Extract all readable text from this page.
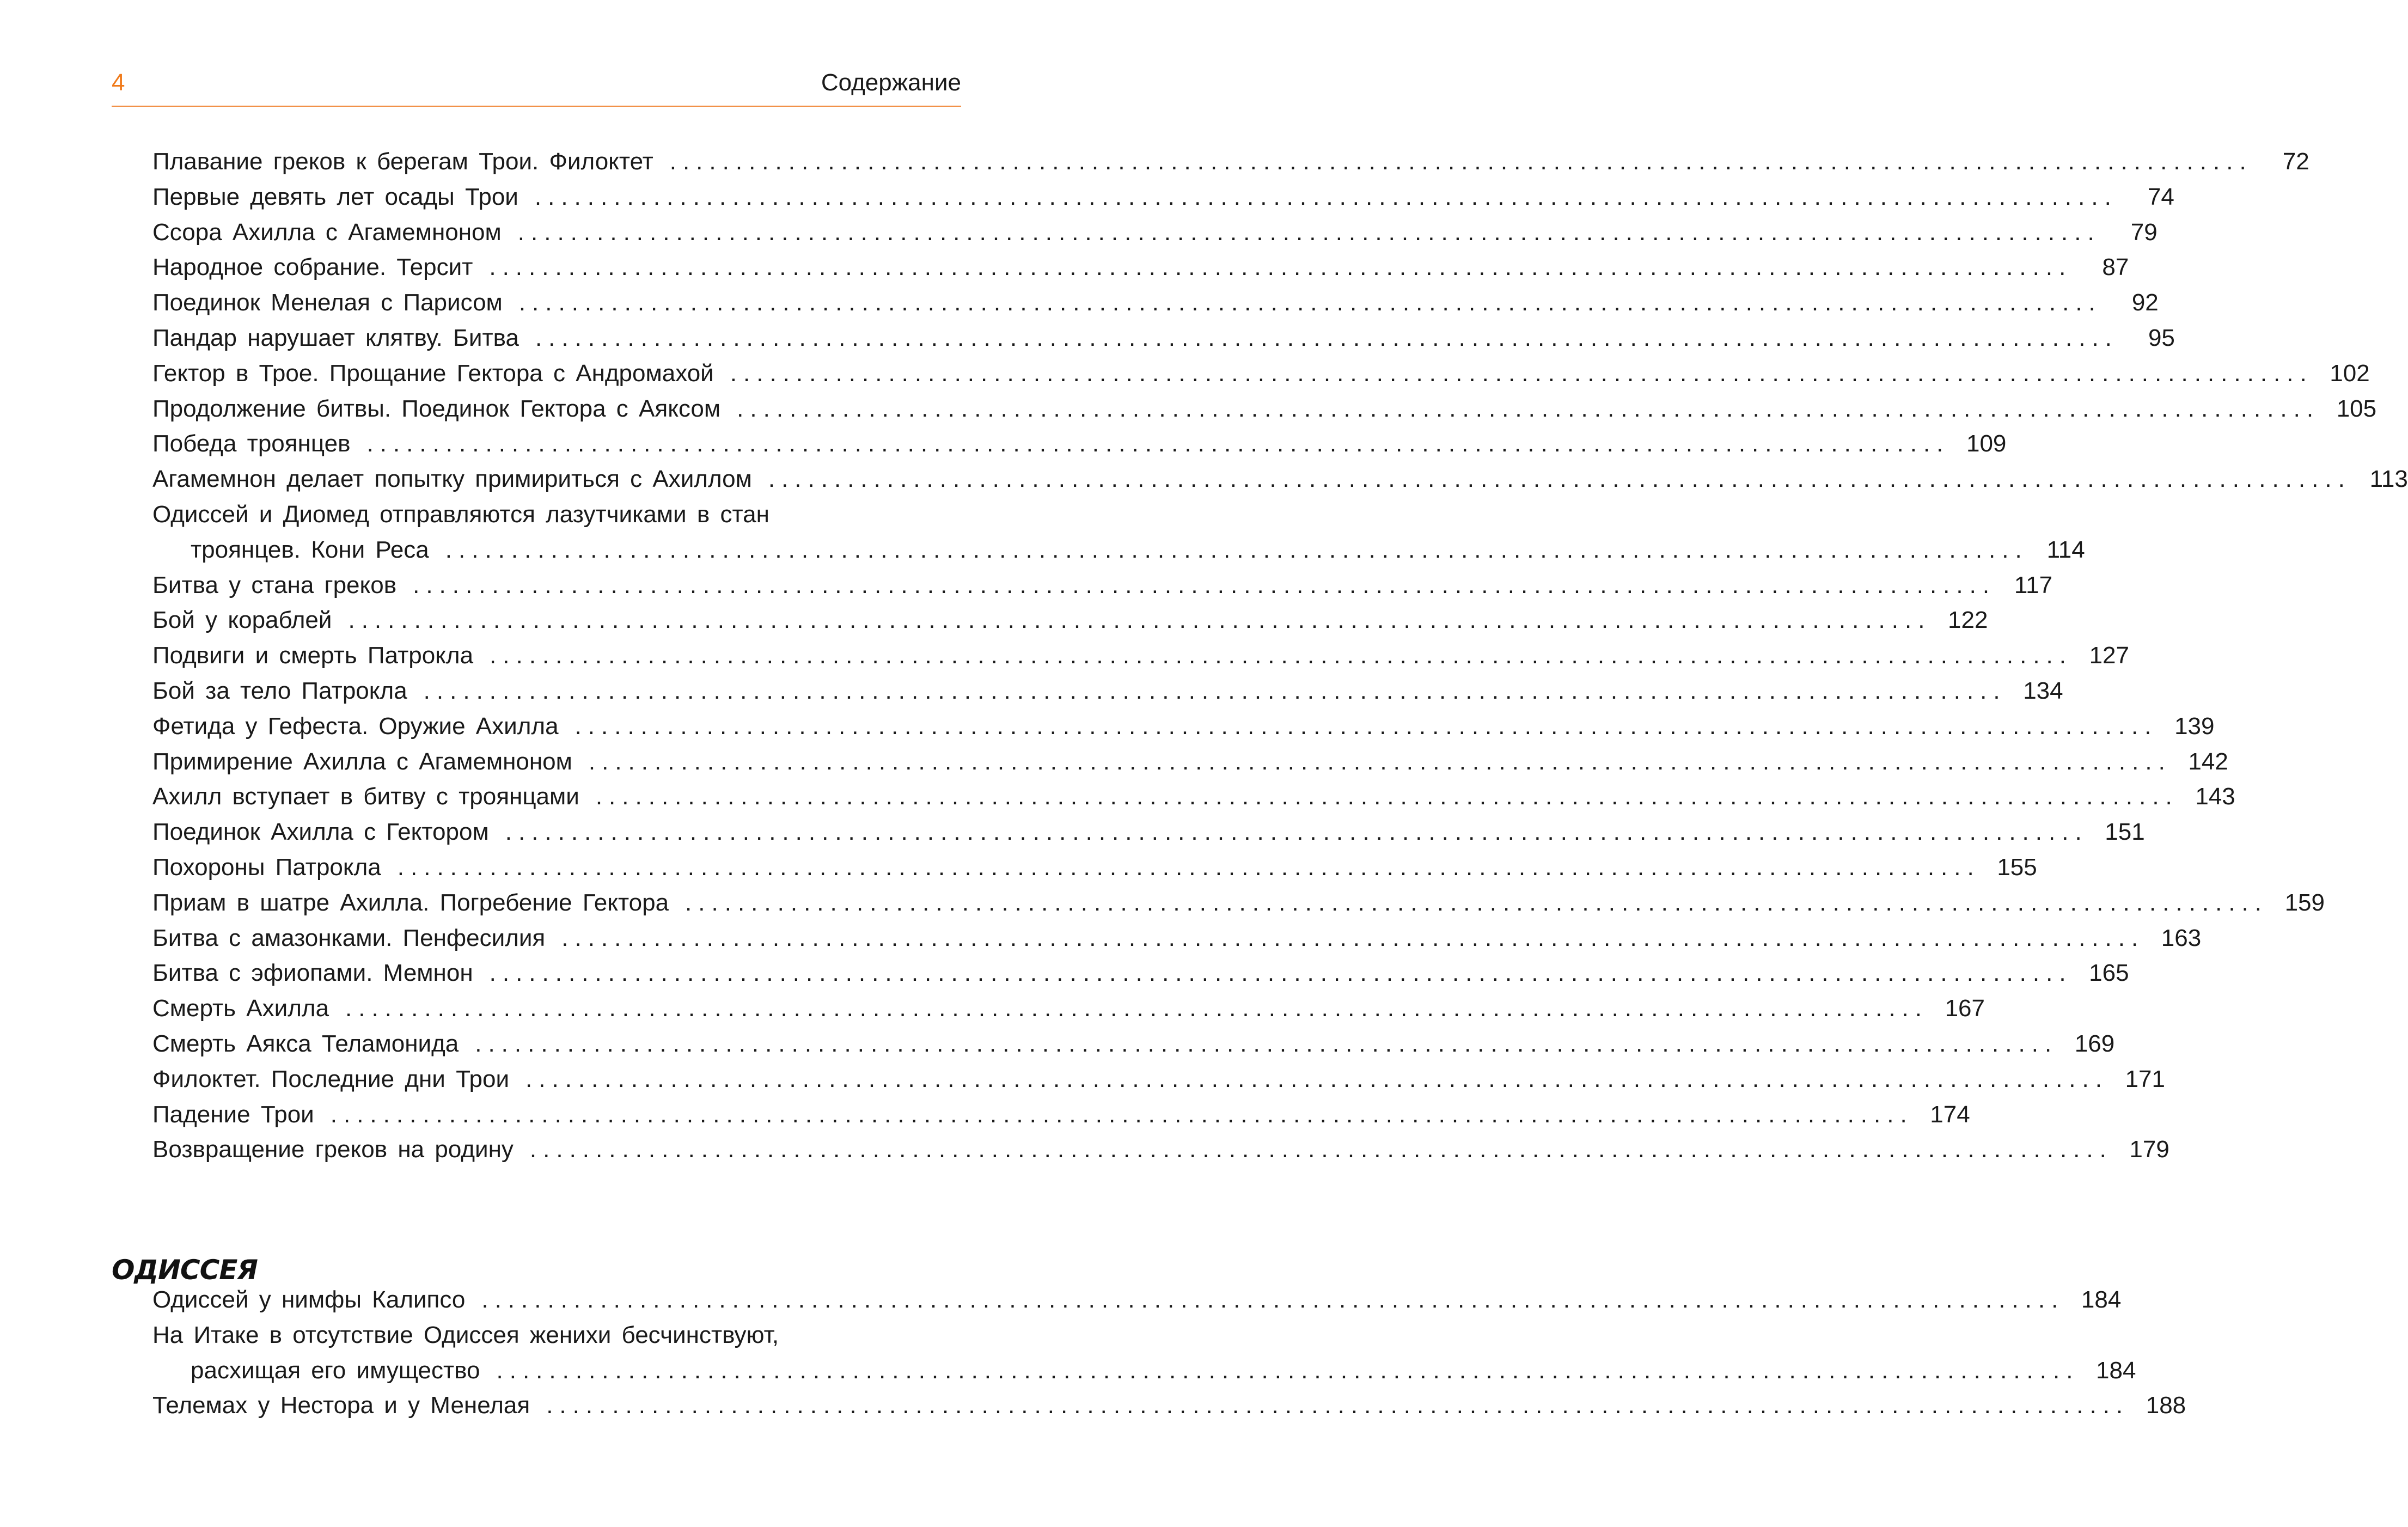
4	Содержание
Плавание греков к берегам Трои. Филоктет ........................................................................................................................	72
Первые девять лет осады Трои ........................................................................................................................	74
Ссора Ахилла с Агамемноном ........................................................................................................................	79
Народное собрание. Терсит ........................................................................................................................	87
Поединок Менелая с Парисом ........................................................................................................................	92
Пандар нарушает клятву. Битва ........................................................................................................................	95
Гектор в Трое. Прощание Гектора с Андромахой ........................................................................................................................ 102
Продолжение битвы. Поединок Гектора с Аяксом ........................................................................................................................ 105
Победа троянцев ........................................................................................................................ 109
Агамемнон делает попытку примириться с Ахиллом ........................................................................................................................ 113
Одиссей и Диомед отправляются лазутчиками в стан
троянцев. Кони Реса ........................................................................................................................ 114
Битва у стана греков ........................................................................................................................ 117
Бой у кораблей ........................................................................................................................ 122
Подвиги и смерть Патрокла ........................................................................................................................ 127
Бой за тело Патрокла ........................................................................................................................ 134
Фетида у Гефеста. Оружие Ахилла ........................................................................................................................ 139
Примирение Ахилла с Агамемноном ........................................................................................................................ 142
Ахилл вступает в битву с троянцами ........................................................................................................................ 143
Поединок Ахилла с Гектором ........................................................................................................................ 151
Похороны Патрокла ........................................................................................................................ 155
Приам в шатре Ахилла. Погребение Гектора ........................................................................................................................ 159
Битва с амазонками. Пенфесилия ........................................................................................................................ 163
Битва с эфиопами. Мемнон ........................................................................................................................ 165
Смерть Ахилла ........................................................................................................................ 167
Смерть Аякса Теламонида ........................................................................................................................ 169
Филоктет. Последние дни Трои ........................................................................................................................ 171
Падение Трои ........................................................................................................................ 174
Возвращение греков на родину ........................................................................................................................ 179
ОДИССЕЯ
Одиссей у нимфы Калипсо ........................................................................................................................ 184
На Итаке в отсутствие Одиссея женихи бесчинствуют,
расхищая его имущество ........................................................................................................................ 184
Телемах у Нестора и у Менелая ........................................................................................................................ 188
